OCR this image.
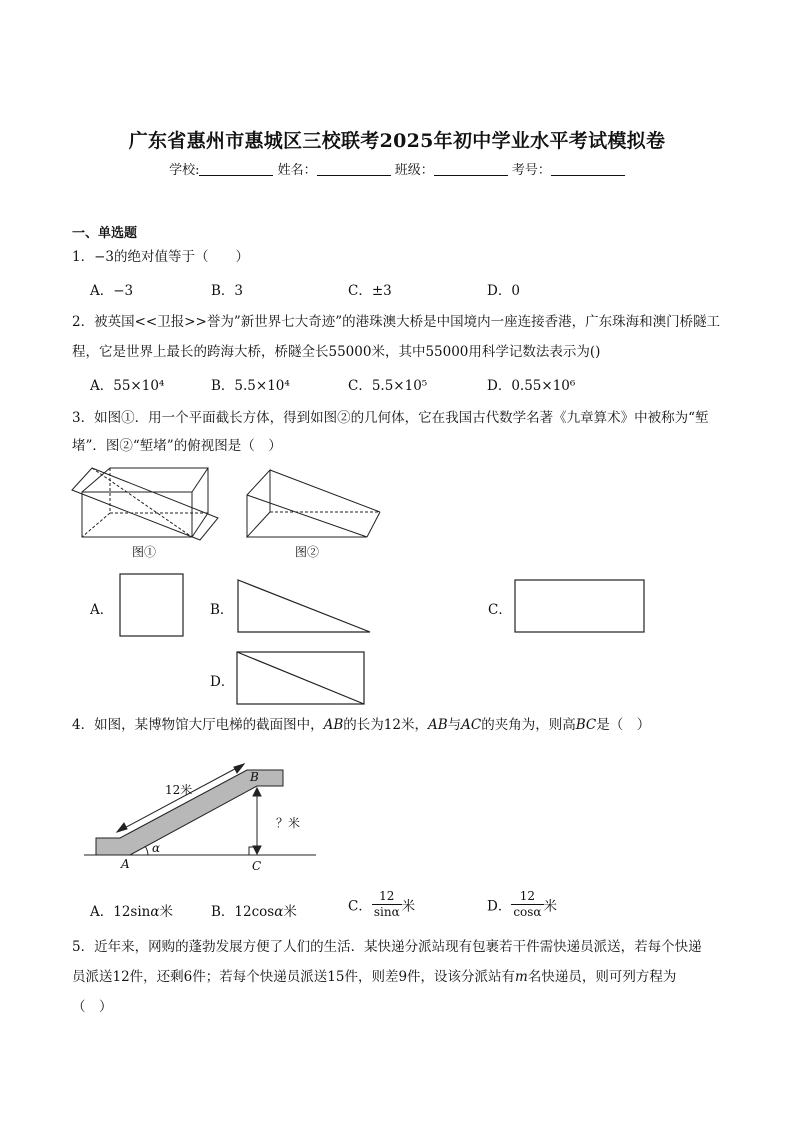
广东省惠州市惠城区三校联考2025年初中学业水平考试模拟卷
学校:	姓名：	班级：	考号：
一、单选题
1．−3的绝对值等于（　　）
A．−3	B．3	C．±3	D．0
2．被英国<<卫报>>誉为”新世界七大奇迹”的港珠澳大桥是中国境内一座连接香港，广东珠海和澳门桥隧工
程，它是世界上最长的跨海大桥，桥隧全长55000米，其中55000用科学记数法表示为()
A．55×10⁴	B．5.5×10⁴	C．5.5×10⁵	D．0.55×10⁶
3．如图①．用一个平面截长方体，得到如图②的几何体，它在我国古代数学名著《九章算术》中被称为“堑
堵”．图②“堑堵”的俯视图是（　）
图①	图②
A．	B．	C．
D．
4．如图，某博物馆大厅电梯的截面图中，AB的长为12米，AB与AC的夹角为，则高BC是（　）
12米
？米
B
A	C
α
A．12sinα米	B．12cosα米	C． $\frac{12}{\sin\alpha}$ 米	D． $\frac{12}{\cos\alpha}$ 米
5．近年来，网购的蓬勃发展方便了人们的生活．某快递分派站现有包裹若干件需快递员派送，若每个快递
员派送12件，还剩6件；若每个快递员派送15件，则差9件，设该分派站有m名快递员，则可列方程为
（　）
